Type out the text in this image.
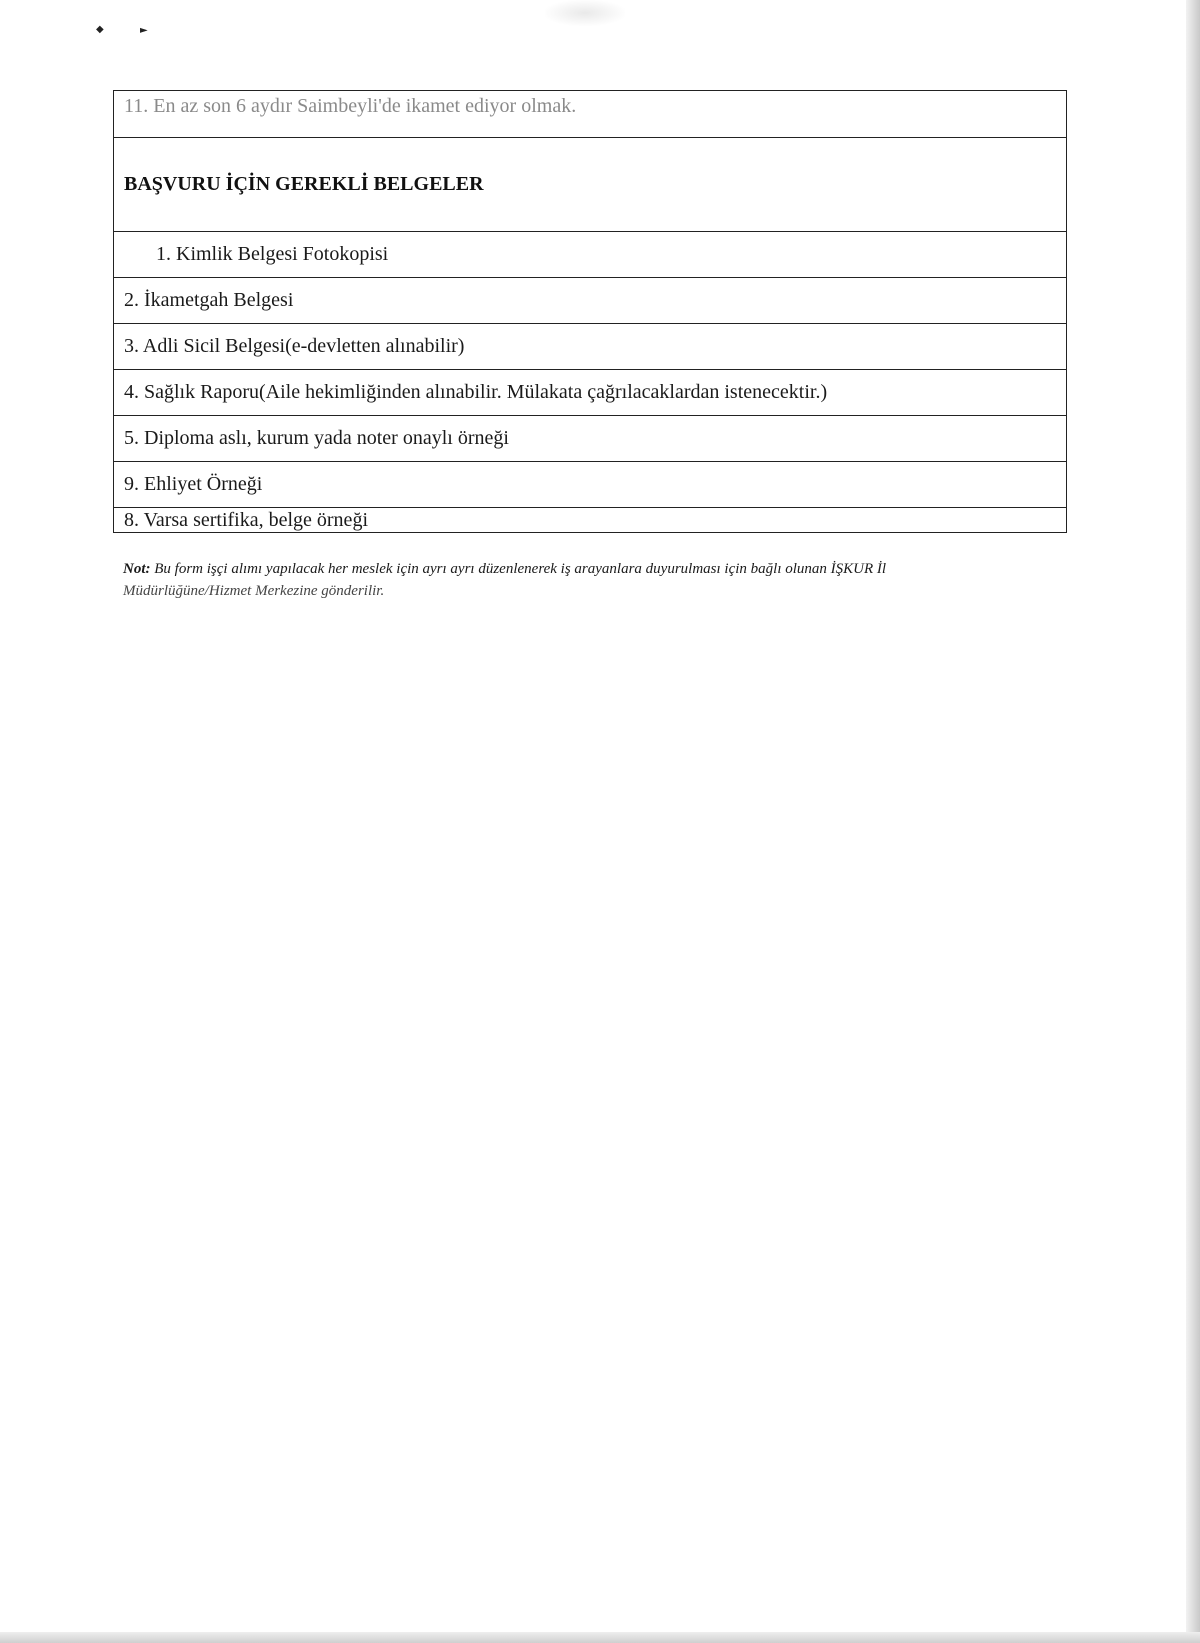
◆	►
11. En az son 6 aydır Saimbeyli'de ikamet ediyor olmak.
BAŞVURU İÇİN GEREKLİ BELGELER
1. Kimlik Belgesi Fotokopisi
2. İkametgah Belgesi
3. Adli Sicil Belgesi(e-devletten alınabilir)
4. Sağlık Raporu(Aile hekimliğinden alınabilir. Mülakata çağrılacaklardan istenecektir.)
5. Diploma aslı, kurum yada noter onaylı örneği
9. Ehliyet Örneği
8. Varsa sertifika, belge örneği
Not: Bu form işçi alımı yapılacak her meslek için ayrı ayrı düzenlenerek iş arayanlara duyurulması için bağlı olunan İŞKUR İl
Müdürlüğüne/Hizmet Merkezine gönderilir.
